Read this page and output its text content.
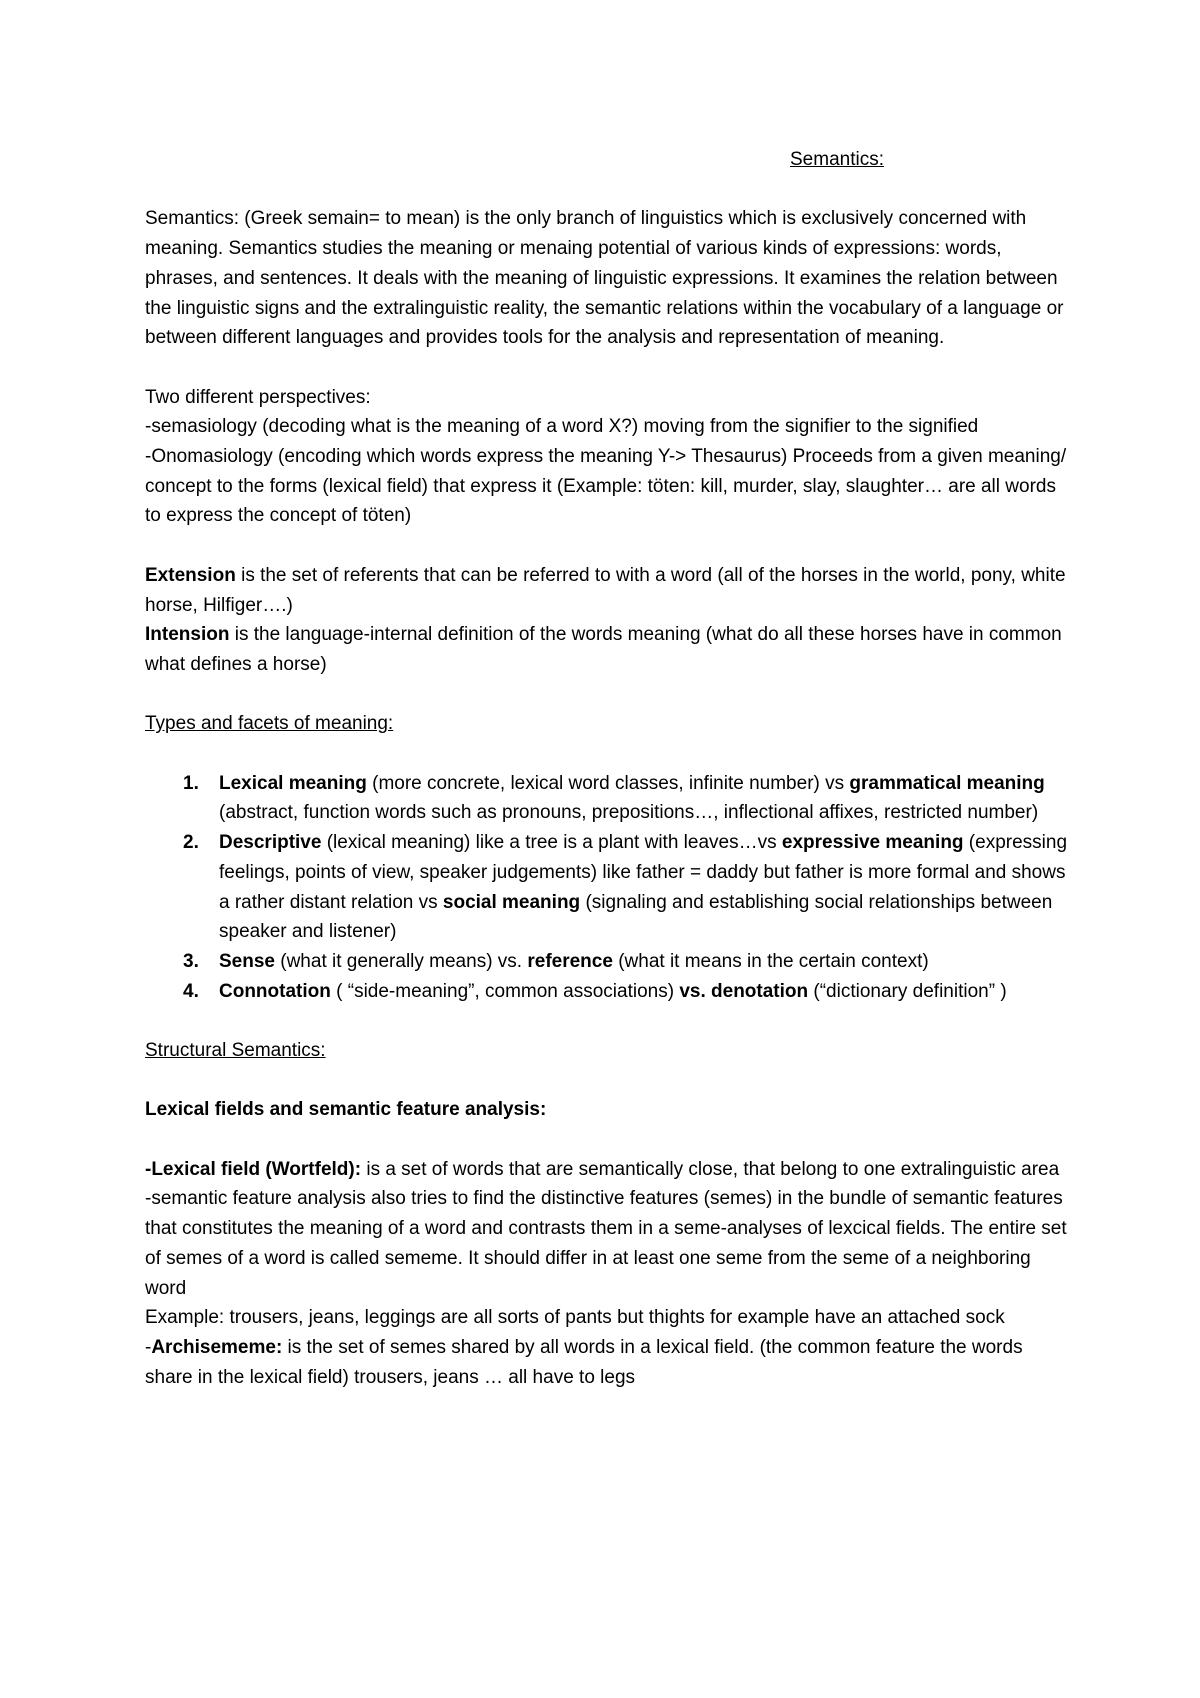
Semantics:

Semantics: (Greek semain= to mean) is the only branch of linguistics which is exclusively concerned with meaning. Semantics studies the meaning or menaing potential of various kinds of expressions: words, phrases, and sentences. It deals with the meaning of linguistic expressions. It examines the relation between the linguistic signs and the extralinguistic reality, the semantic relations within the vocabulary of a language or between different languages and provides tools for the analysis and representation of meaning.

Two different perspectives:

-semasiology (decoding what is the meaning of a word X?) moving from the signifier to the signified

-Onomasiology (encoding which words express the meaning Y-> Thesaurus) Proceeds from a given meaning/ concept to the forms (lexical field) that express it (Example: töten: kill, murder, slay, slaughter… are all words to express the concept of töten)

Extension is the set of referents that can be referred to with a word (all of the horses in the world, pony, white horse, Hilfiger….)

Intension is the language-internal definition of the words meaning (what do all these horses have in common what defines a horse)

Types and facets of meaning:

Lexical meaning (more concrete, lexical word classes, infinite number) vs grammatical meaning (abstract, function words such as pronouns, prepositions…, inflectional affixes, restricted number)
Descriptive (lexical meaning) like a tree is a plant with leaves…vs expressive meaning (expressing feelings, points of view, speaker judgements) like father = daddy but father is more formal and shows a rather distant relation vs social meaning (signaling and establishing social relationships between speaker and listener)
Sense (what it generally means) vs. reference (what it means in the certain context)
Connotation ( “side-meaning”, common associations) vs. denotation (“dictionary definition” )

Structural Semantics:

Lexical fields and semantic feature analysis:

-Lexical field (Wortfeld): is a set of words that are semantically close, that belong to one extralinguistic area

-semantic feature analysis also tries to find the distinctive features (semes) in the bundle of semantic features that constitutes the meaning of a word and contrasts them in a seme-analyses of lexcical fields. The entire set of semes of a word is called sememe. It should differ in at least one seme from the seme of a neighboring word

Example: trousers, jeans, leggings are all sorts of pants but thights for example have an attached sock

-Archisememe: is the set of semes shared by all words in a lexical field. (the common feature the words share in the lexical field) trousers, jeans … all have to legs
